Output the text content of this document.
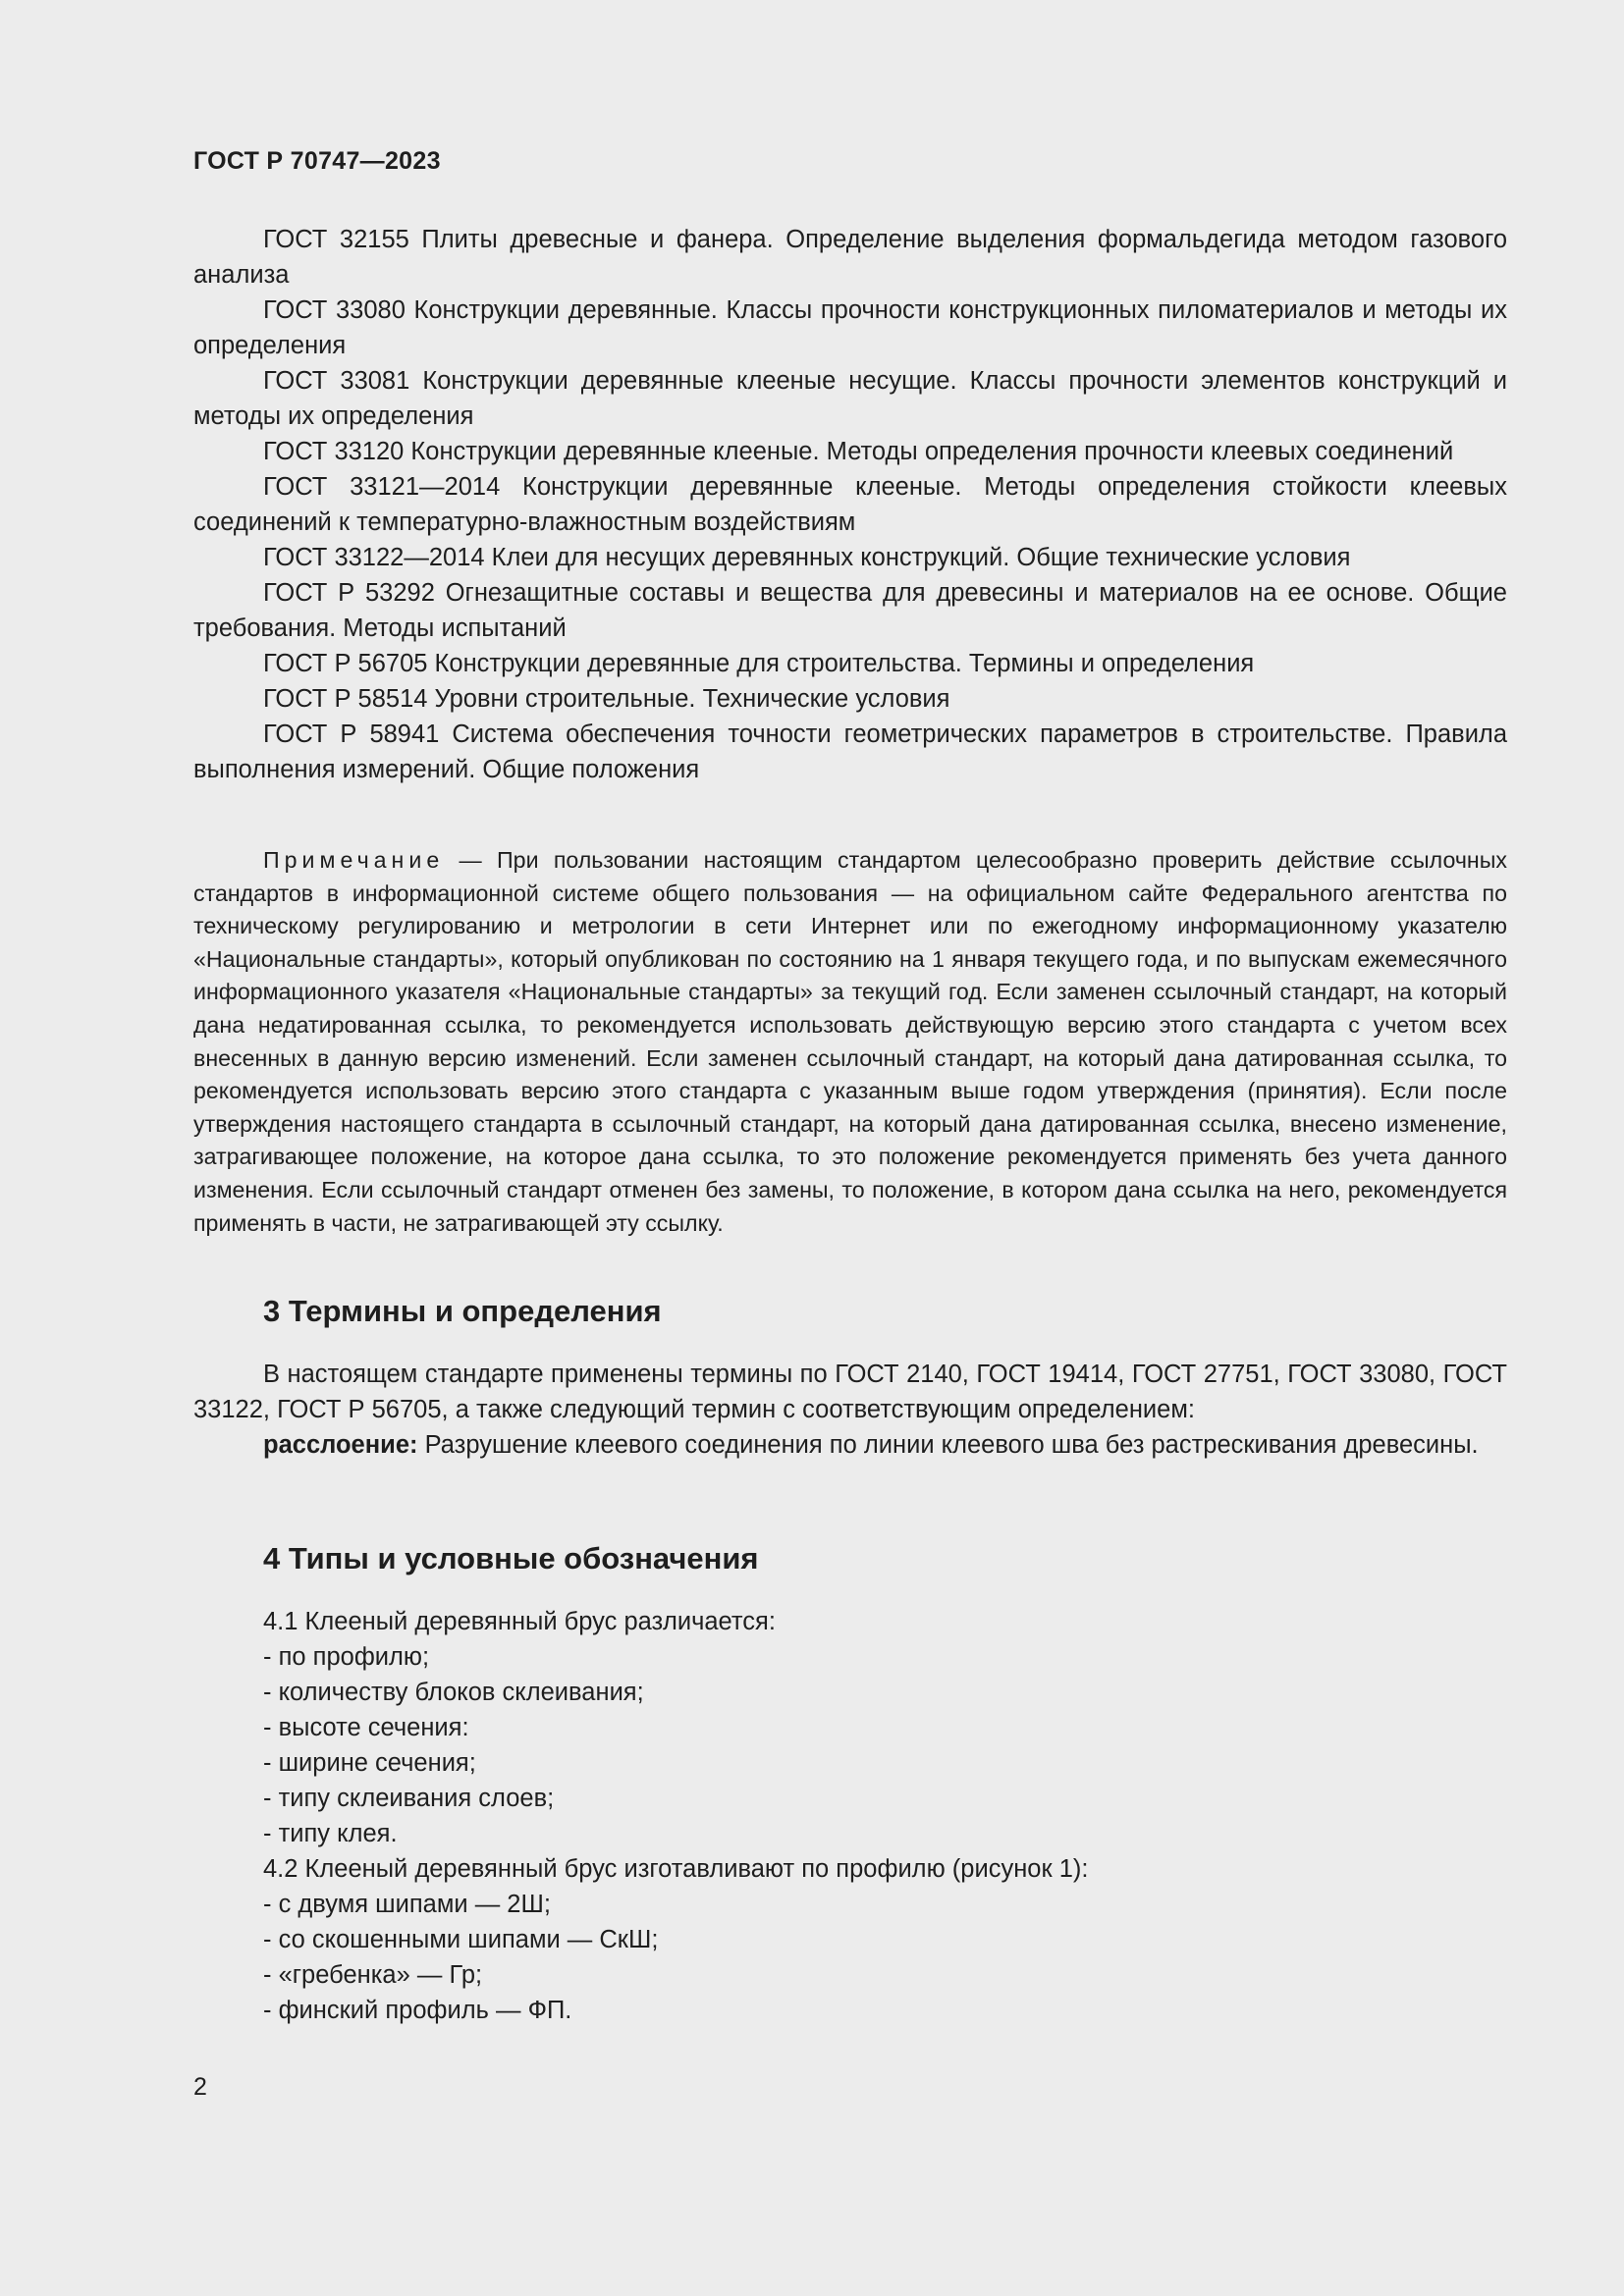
ГОСТ Р 70747—2023

ГОСТ 32155 Плиты древесные и фанера. Определение выделения формальдегида методом газового анализа

ГОСТ 33080 Конструкции деревянные. Классы прочности конструкционных пиломатериалов и методы их определения

ГОСТ 33081 Конструкции деревянные клееные несущие. Классы прочности элементов конструкций и методы их определения

ГОСТ 33120 Конструкции деревянные клееные. Методы определения прочности клеевых соединений

ГОСТ 33121—2014 Конструкции деревянные клееные. Методы определения стойкости клеевых соединений к температурно-влажностным воздействиям

ГОСТ 33122—2014 Клеи для несущих деревянных конструкций. Общие технические условия

ГОСТ Р 53292 Огнезащитные составы и вещества для древесины и материалов на ее основе. Общие требования. Методы испытаний

ГОСТ Р 56705 Конструкции деревянные для строительства. Термины и определения

ГОСТ Р 58514 Уровни строительные. Технические условия

ГОСТ Р 58941 Система обеспечения точности геометрических параметров в строительстве. Правила выполнения измерений. Общие положения

Примечание — При пользовании настоящим стандартом целесообразно проверить действие ссылочных стандартов в информационной системе общего пользования — на официальном сайте Федерального агентства по техническому регулированию и метрологии в сети Интернет или по ежегодному информационному указателю «Национальные стандарты», который опубликован по состоянию на 1 января текущего года, и по выпускам ежемесячного информационного указателя «Национальные стандарты» за текущий год. Если заменен ссылочный стандарт, на который дана недатированная ссылка, то рекомендуется использовать действующую версию этого стандарта с учетом всех внесенных в данную версию изменений. Если заменен ссылочный стандарт, на который дана датированная ссылка, то рекомендуется использовать версию этого стандарта с указанным выше годом утверждения (принятия). Если после утверждения настоящего стандарта в ссылочный стандарт, на который дана датированная ссылка, внесено изменение, затрагивающее положение, на которое дана ссылка, то это положение рекомендуется применять без учета данного изменения. Если ссылочный стандарт отменен без замены, то положение, в котором дана ссылка на него, рекомендуется применять в части, не затрагивающей эту ссылку.

3 Термины и определения

В настоящем стандарте применены термины по ГОСТ 2140, ГОСТ 19414, ГОСТ 27751, ГОСТ 33080, ГОСТ 33122, ГОСТ Р 56705, а также следующий термин с соответствующим определением:

расслоение: Разрушение клеевого соединения по линии клеевого шва без растрескивания древесины.

4 Типы и условные обозначения
4.1 Клееный деревянный брус различается:
- по профилю;
- количеству блоков склеивания;
- высоте сечения:
- ширине сечения;
- типу склеивания слоев;
- типу клея.
4.2 Клееный деревянный брус изготавливают по профилю (рисунок 1):
- с двумя шипами — 2Ш;
- со скошенными шипами — СкШ;
- «гребенка» — Гр;
- финский профиль — ФП.
2
